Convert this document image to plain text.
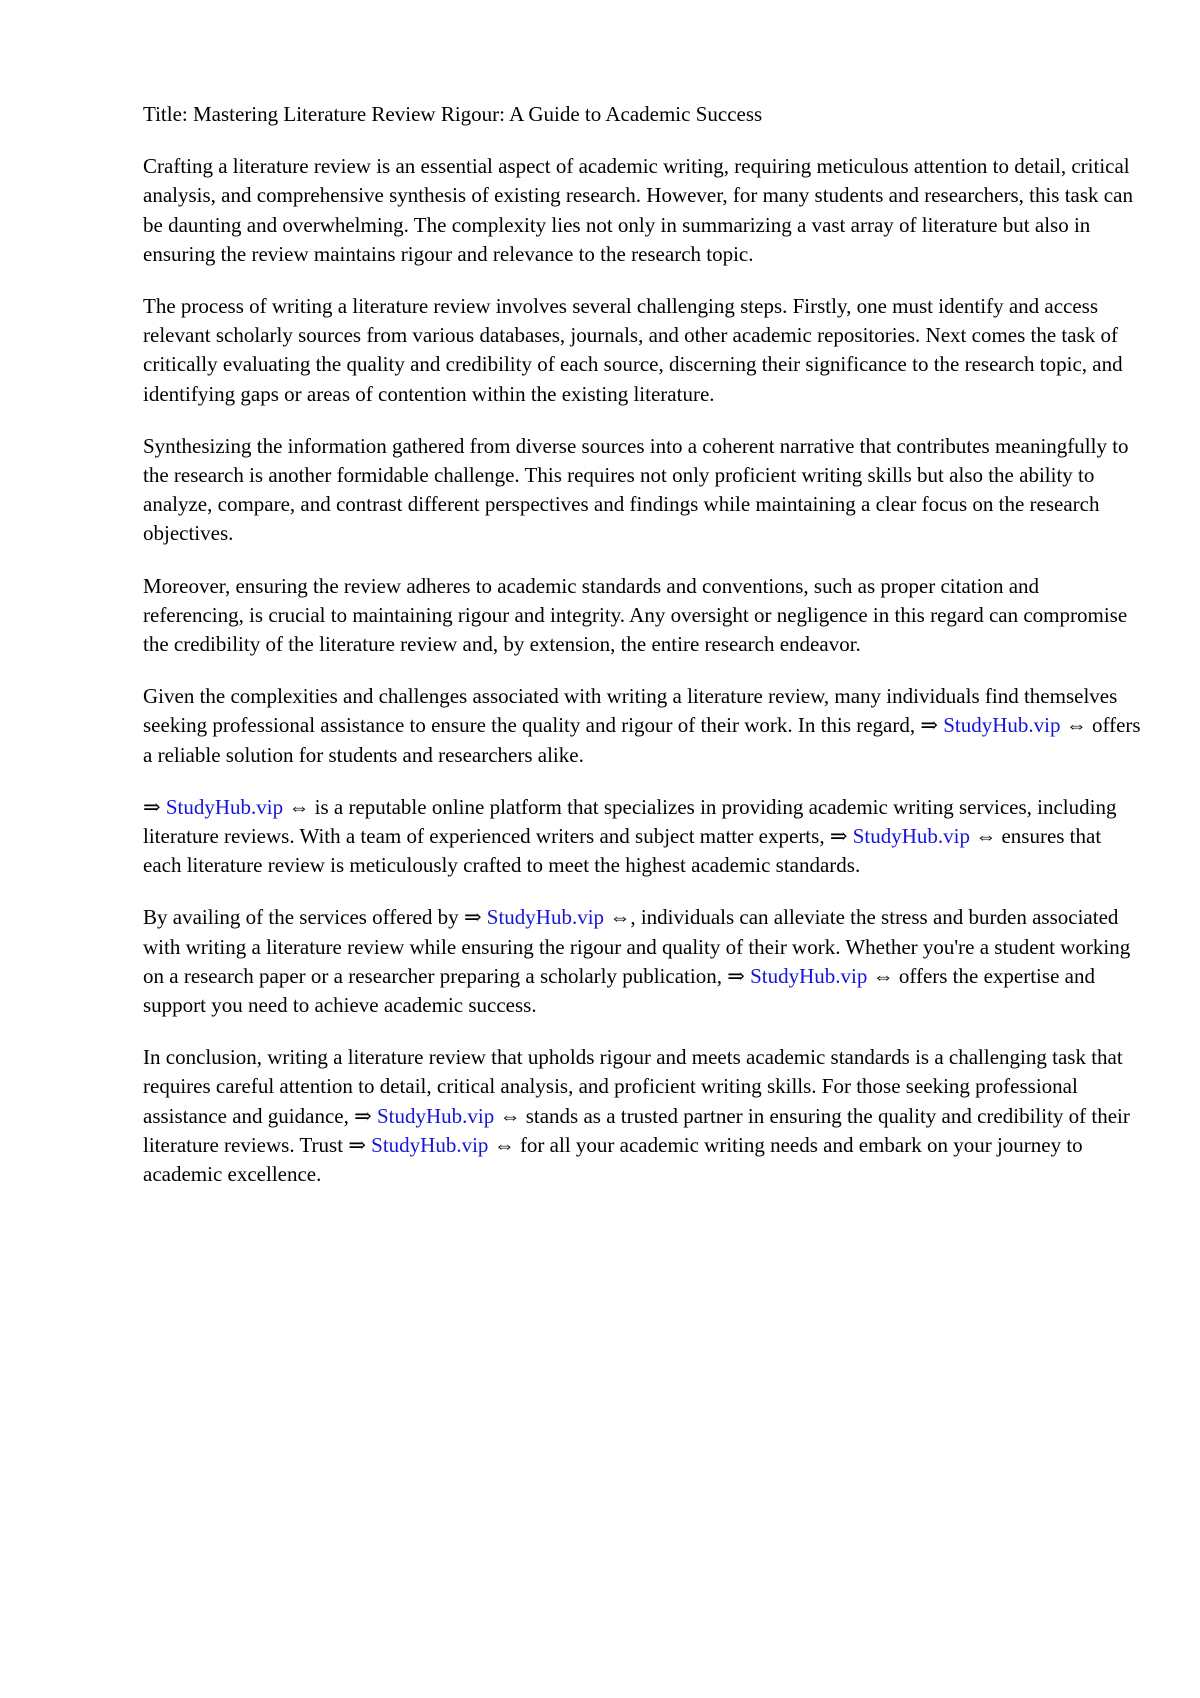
Title: Mastering Literature Review Rigour: A Guide to Academic Success

Crafting a literature review is an essential aspect of academic writing, requiring meticulous attention to detail, critical analysis, and comprehensive synthesis of existing research. However, for many students and researchers, this task can be daunting and overwhelming. The complexity lies not only in summarizing a vast array of literature but also in ensuring the review maintains rigour and relevance to the research topic.

The process of writing a literature review involves several challenging steps. Firstly, one must identify and access relevant scholarly sources from various databases, journals, and other academic repositories. Next comes the task of critically evaluating the quality and credibility of each source, discerning their significance to the research topic, and identifying gaps or areas of contention within the existing literature.

Synthesizing the information gathered from diverse sources into a coherent narrative that contributes meaningfully to the research is another formidable challenge. This requires not only proficient writing skills but also the ability to analyze, compare, and contrast different perspectives and findings while maintaining a clear focus on the research objectives.

Moreover, ensuring the review adheres to academic standards and conventions, such as proper citation and referencing, is crucial to maintaining rigour and integrity. Any oversight or negligence in this regard can compromise the credibility of the literature review and, by extension, the entire research endeavor.

Given the complexities and challenges associated with writing a literature review, many individuals find themselves seeking professional assistance to ensure the quality and rigour of their work. In this regard, ⇒ StudyHub.vip ⇔ offers a reliable solution for students and researchers alike.

⇒ StudyHub.vip ⇔ is a reputable online platform that specializes in providing academic writing services, including literature reviews. With a team of experienced writers and subject matter experts, ⇒ StudyHub.vip ⇔ ensures that each literature review is meticulously crafted to meet the highest academic standards.

By availing of the services offered by ⇒ StudyHub.vip ⇔, individuals can alleviate the stress and burden associated with writing a literature review while ensuring the rigour and quality of their work. Whether you're a student working on a research paper or a researcher preparing a scholarly publication, ⇒ StudyHub.vip ⇔ offers the expertise and support you need to achieve academic success.

In conclusion, writing a literature review that upholds rigour and meets academic standards is a challenging task that requires careful attention to detail, critical analysis, and proficient writing skills. For those seeking professional assistance and guidance, ⇒ StudyHub.vip ⇔ stands as a trusted partner in ensuring the quality and credibility of their literature reviews. Trust ⇒ StudyHub.vip ⇔ for all your academic writing needs and embark on your journey to academic excellence.
